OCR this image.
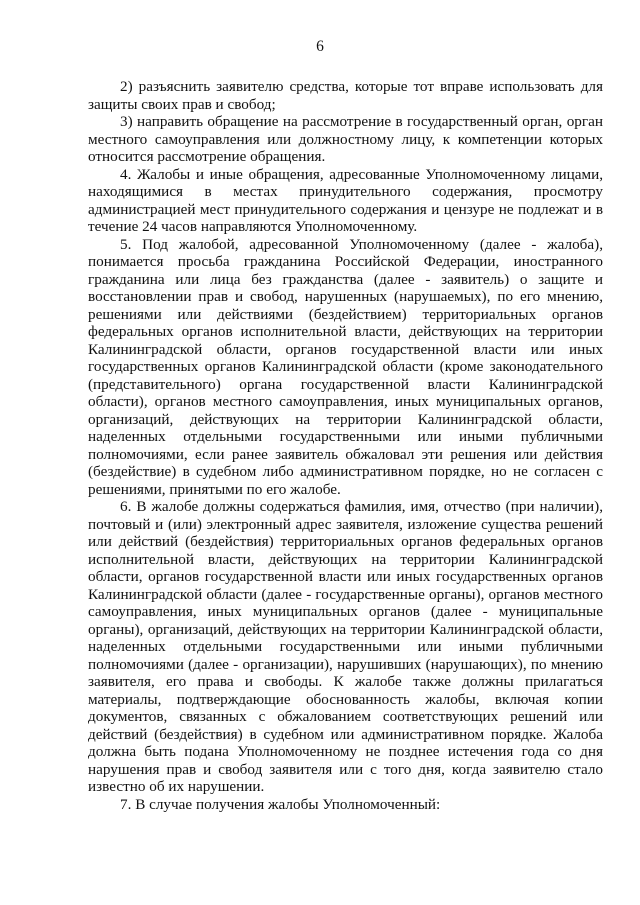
6

2) разъяснить заявителю средства, которые тот вправе использовать для защиты своих прав и свобод;

3) направить обращение на рассмотрение в государственный орган, орган местного самоуправления или должностному лицу, к компетенции которых относится рассмотрение обращения.

4. Жалобы и иные обращения, адресованные Уполномоченному лицами, находящимися в местах принудительного содержания, просмотру администрацией мест принудительного содержания и цензуре не подлежат и в течение 24 часов направляются Уполномоченному.

5. Под жалобой, адресованной Уполномоченному (далее - жалоба), понимается просьба гражданина Российской Федерации, иностранного гражданина или лица без гражданства (далее - заявитель) о защите и восстановлении прав и свобод, нарушенных (нарушаемых), по его мнению, решениями или действиями (бездействием) территориальных органов федеральных органов исполнительной власти, действующих на территории Калининградской области, органов государственной власти или иных государственных органов Калининградской области (кроме законодательного (представительного) органа государственной власти Калининградской области), органов местного самоуправления, иных муниципальных органов, организаций, действующих на территории Калининградской области, наделенных отдельными государственными или иными публичными полномочиями, если ранее заявитель обжаловал эти решения или действия (бездействие) в судебном либо административном порядке, но не согласен с решениями, принятыми по его жалобе.

6. В жалобе должны содержаться фамилия, имя, отчество (при наличии), почтовый и (или) электронный адрес заявителя, изложение существа решений или действий (бездействия) территориальных органов федеральных органов исполнительной власти, действующих на территории Калининградской области, органов государственной власти или иных государственных органов Калининградской области (далее - государственные органы), органов местного самоуправления, иных муниципальных органов (далее - муниципальные органы), организаций, действующих на территории Калининградской области, наделенных отдельными государственными или иными публичными полномочиями (далее - организации), нарушивших (нарушающих), по мнению заявителя, его права и свободы. К жалобе также должны прилагаться материалы, подтверждающие обоснованность жалобы, включая копии документов, связанных с обжалованием соответствующих решений или действий (бездействия) в судебном или административном порядке. Жалоба должна быть подана Уполномоченному не позднее истечения года со дня нарушения прав и свобод заявителя или с того дня, когда заявителю стало известно об их нарушении.

7. В случае получения жалобы Уполномоченный:
